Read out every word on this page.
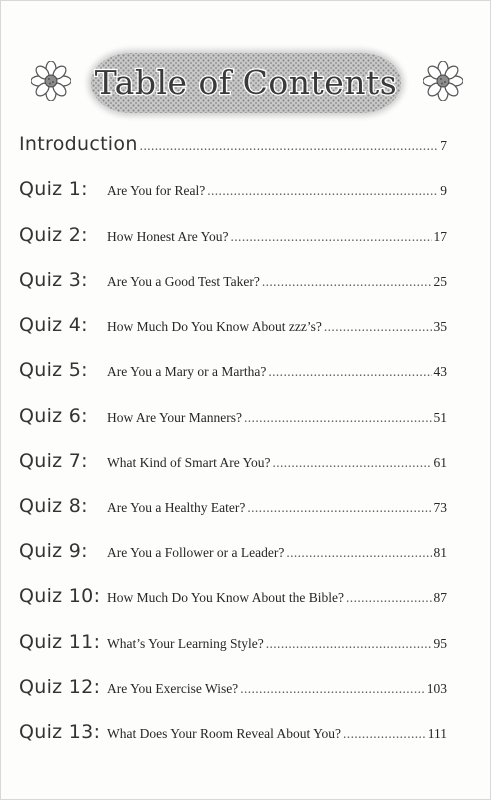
Table of Contents
Introduction .....	7
Quiz 1:	Are You for Real? .....	9
Quiz 2:	How Honest Are You? .....	17
Quiz 3:	Are You a Good Test Taker? .....	25
Quiz 4:	How Much Do You Know About zzz’s? .....	35
Quiz 5:	Are You a Mary or a Martha? .....	43
Quiz 6:	How Are Your Manners? .....	51
Quiz 7:	What Kind of Smart Are You? .....	61
Quiz 8:	Are You a Healthy Eater? .....	73
Quiz 9:	Are You a Follower or a Leader? .....	81
Quiz 10: How Much Do You Know About the Bible? .....	87
Quiz 11: What’s Your Learning Style? .....	95
Quiz 12: Are You Exercise Wise? .....	103
Quiz 13: What Does Your Room Reveal About You? .....	111
